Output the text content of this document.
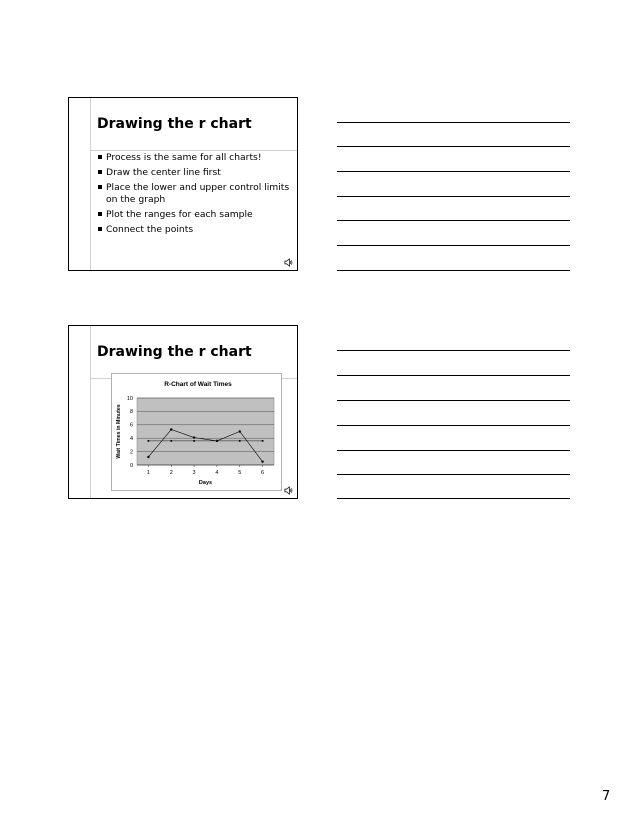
Drawing the r chart
Process is the same for all charts!
Draw the center line first
Place the lower and upper control limits on the graph
Plot the ranges for each sample
Connect the points
Drawing the r chart
R-Chart of Wait Times
Wait Times in Minutes
Days
0
2
4
6
8
10
1	2	3	4	5	6
7
